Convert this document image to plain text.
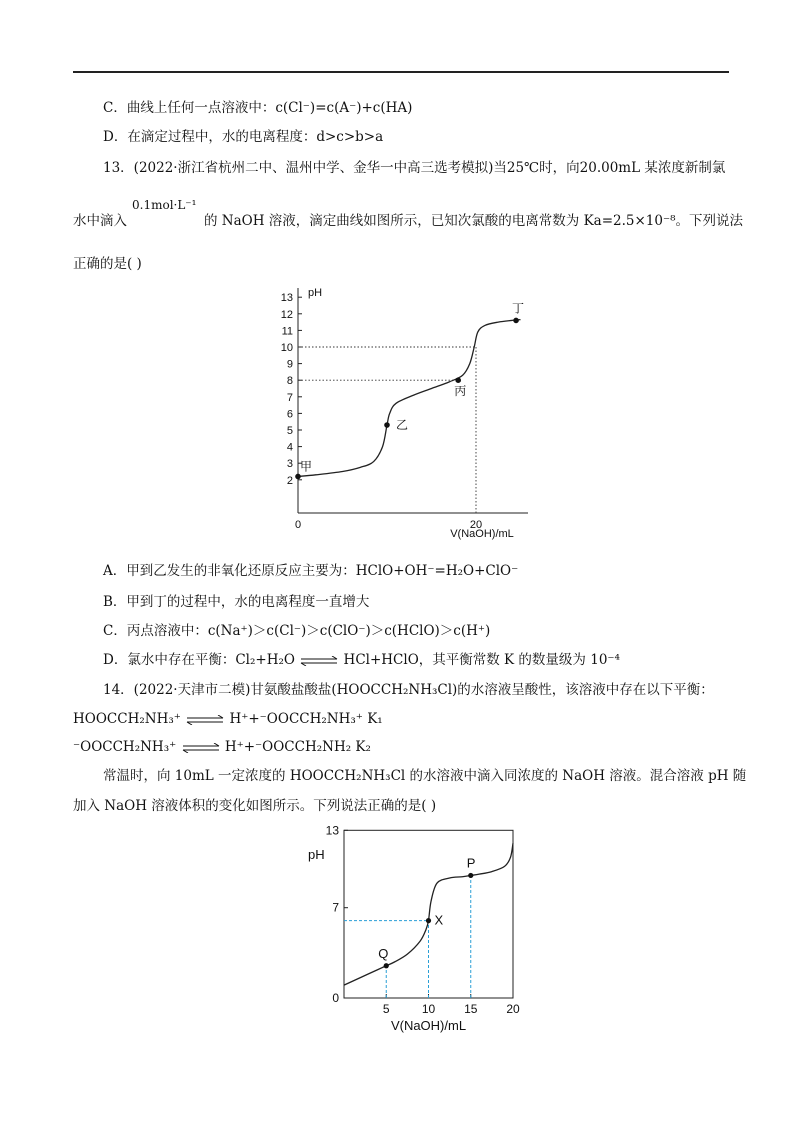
C．曲线上任何一点溶液中：c(Cl⁻)=c(A⁻)+c(HA)
D．在滴定过程中，水的电离程度：d>c>b>a
13．(2022·浙江省杭州二中、温州中学、金华一中高三选考模拟)当25℃时，向20.00mL 某浓度新制氯
水中滴入
0.1mol·L⁻¹
的 NaOH 溶液，滴定曲线如图所示，已知次氯酸的电离常数为 Ka=2.5×10⁻⁸。下列说法
正确的是( )
2
3
4
5
6
7
8
9
10
11
12
13
0	20
pH
V(NaOH)/mL
甲
乙
丙
丁
A．甲到乙发生的非氧化还原反应主要为：HClO+OH⁻=H₂O+ClO⁻
B．甲到丁的过程中，水的电离程度一直增大
C．丙点溶液中：c(Na⁺)＞c(Cl⁻)＞c(ClO⁻)＞c(HClO)＞c(H⁺)
D．氯水中存在平衡：Cl₂+H₂O ⇌ HCl+HClO，其平衡常数 K 的数量级为 10⁻⁴
14．(2022·天津市二模)甘氨酸盐酸盐(HOOCCH₂NH₃Cl)的水溶液呈酸性，该溶液中存在以下平衡：
HOOCCH₂NH₃⁺ ⇌ H⁺+⁻OOCCH₂NH₃⁺ K₁
⁻OOCCH₂NH₃⁺ ⇌ H⁺+⁻OOCCH₂NH₂ K₂
常温时，向 10mL 一定浓度的 HOOCCH₂NH₃Cl 的水溶液中滴入同浓度的 NaOH 溶液。混合溶液 pH 随
加入 NaOH 溶液体积的变化如图所示。下列说法正确的是( )
0
7
13
5	10 15 20
pH
V(NaOH)/mL
Q
X
P
